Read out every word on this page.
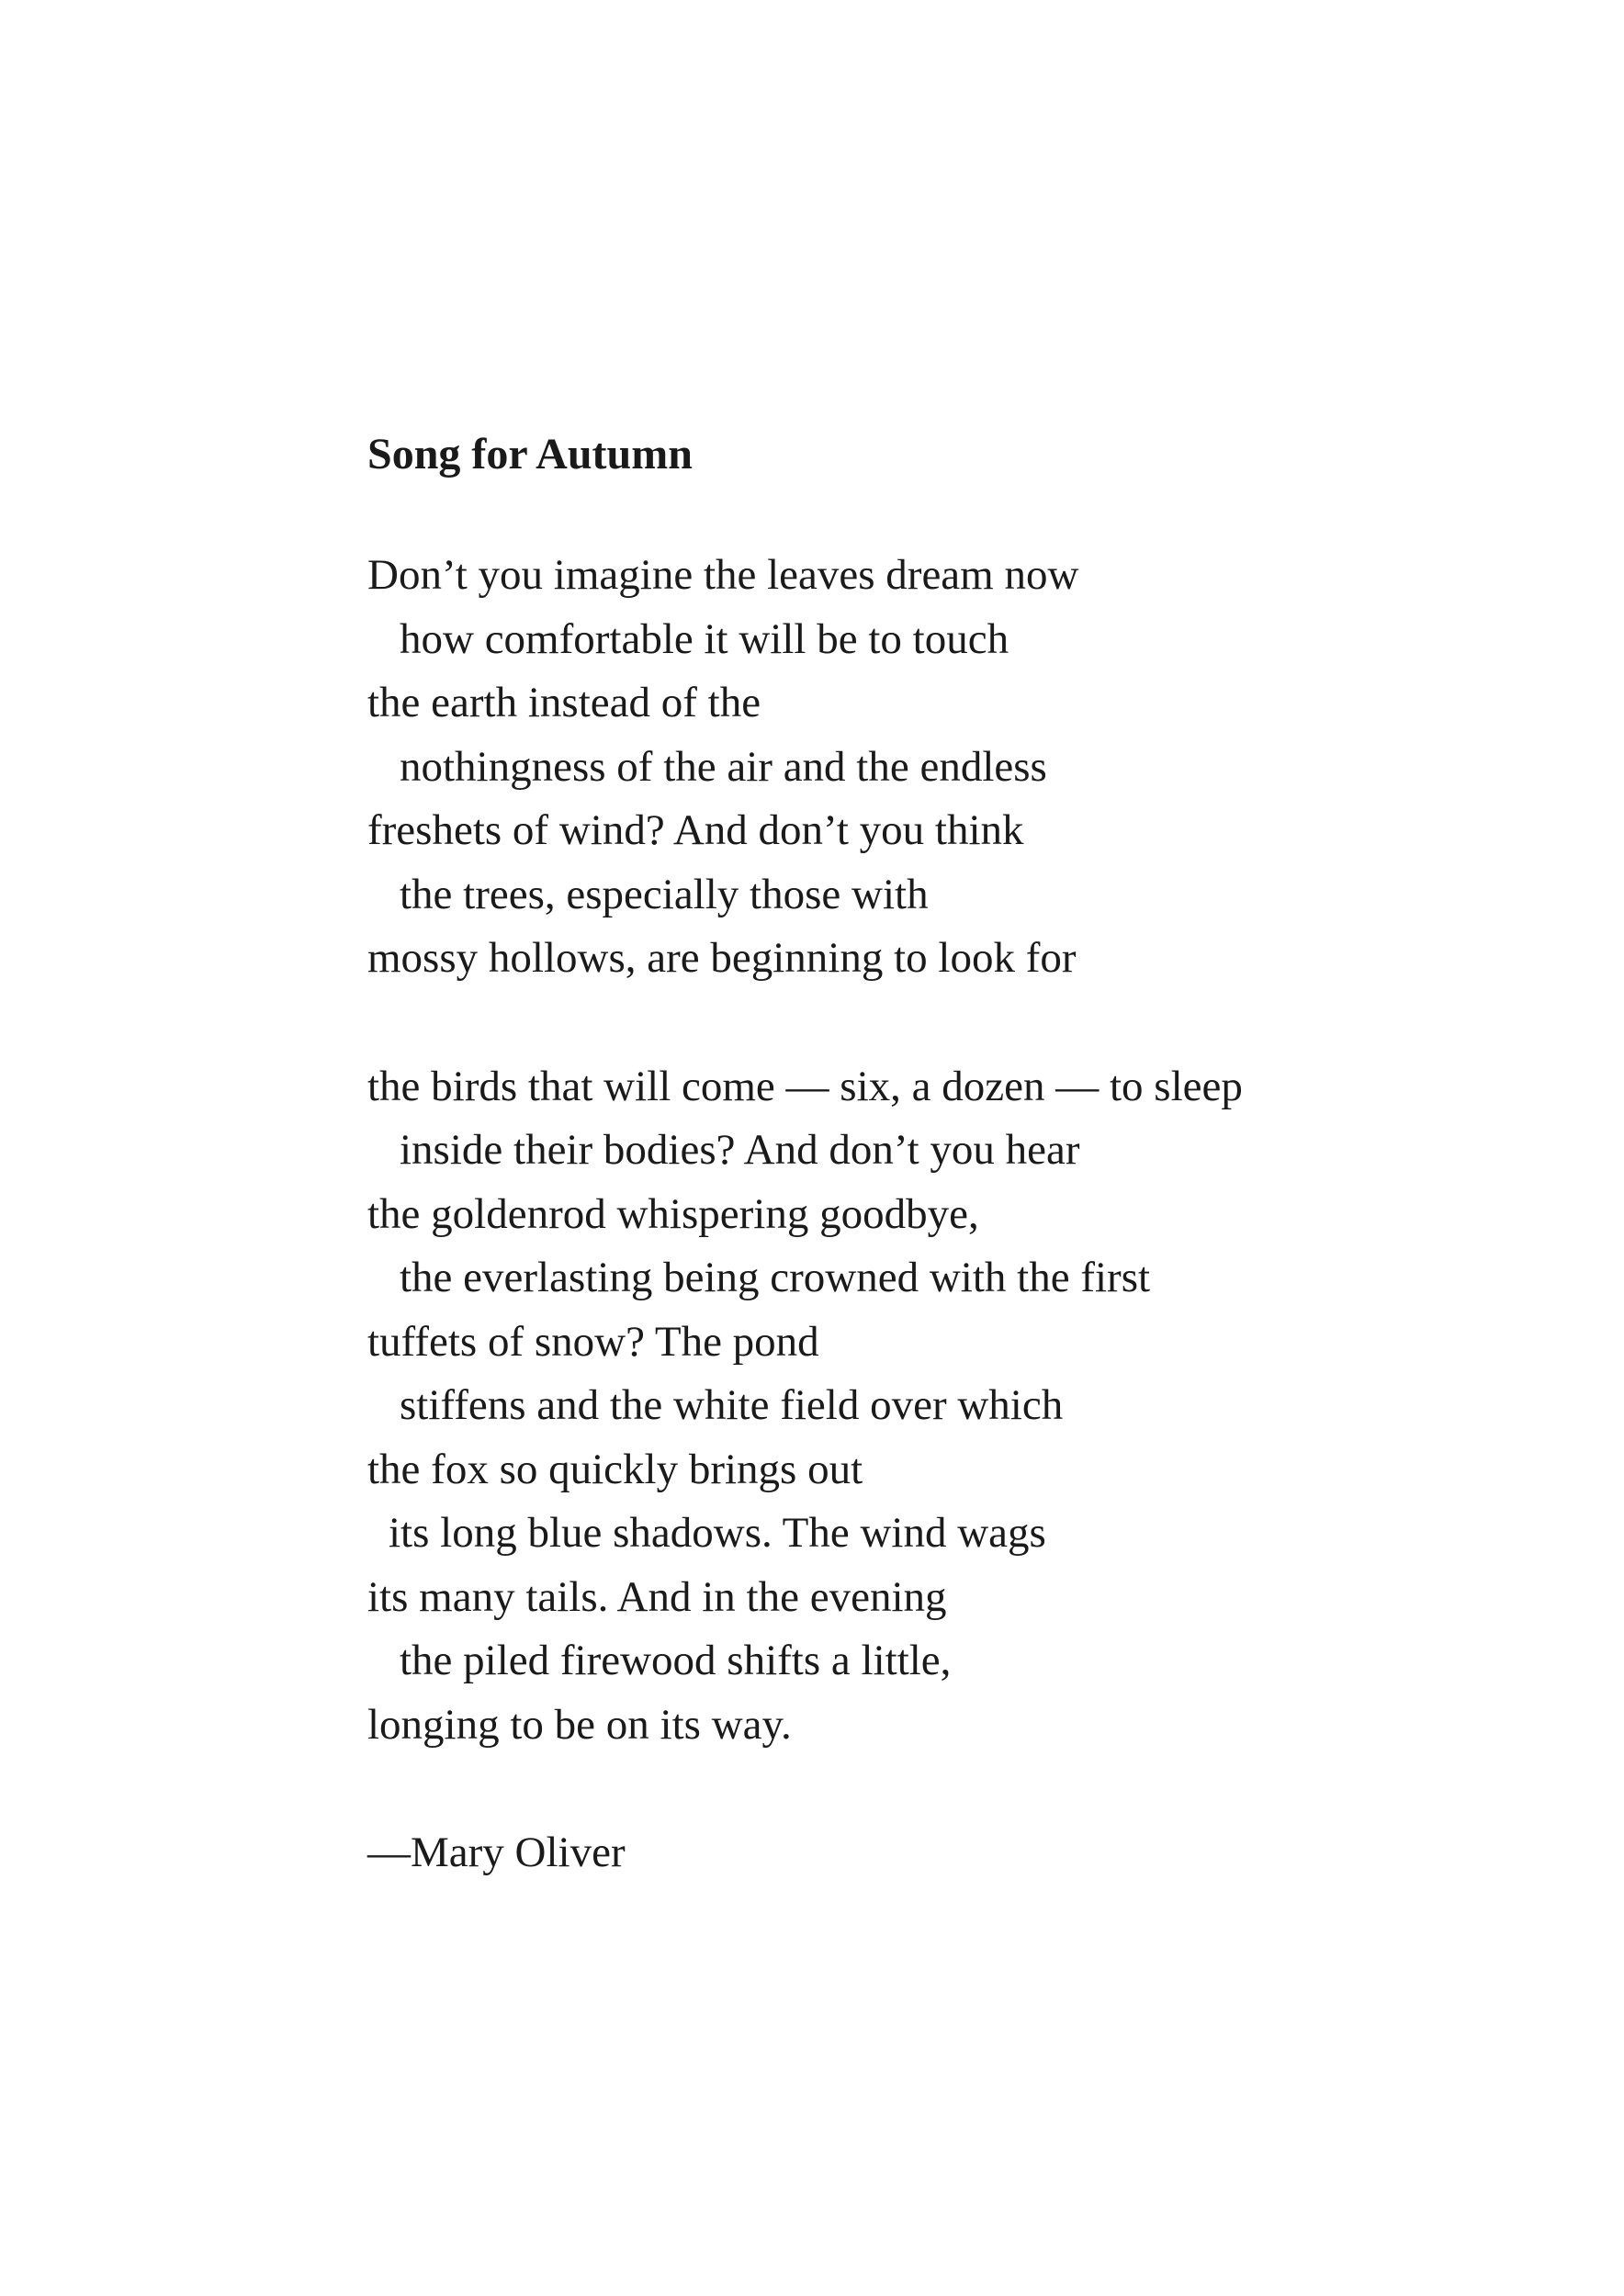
Song for Autumn
Don’t you imagine the leaves dream now
how comfortable it will be to touch
the earth instead of the
nothingness of the air and the endless
freshets of wind? And don’t you think
the trees, especially those with
mossy hollows, are beginning to look for
the birds that will come — six, a dozen — to sleep
inside their bodies? And don’t you hear
the goldenrod whispering goodbye,
the everlasting being crowned with the first
tuffets of snow? The pond
stiffens and the white field over which
the fox so quickly brings out
its long blue shadows. The wind wags
its many tails. And in the evening
the piled firewood shifts a little,
longing to be on its way.
—Mary Oliver
